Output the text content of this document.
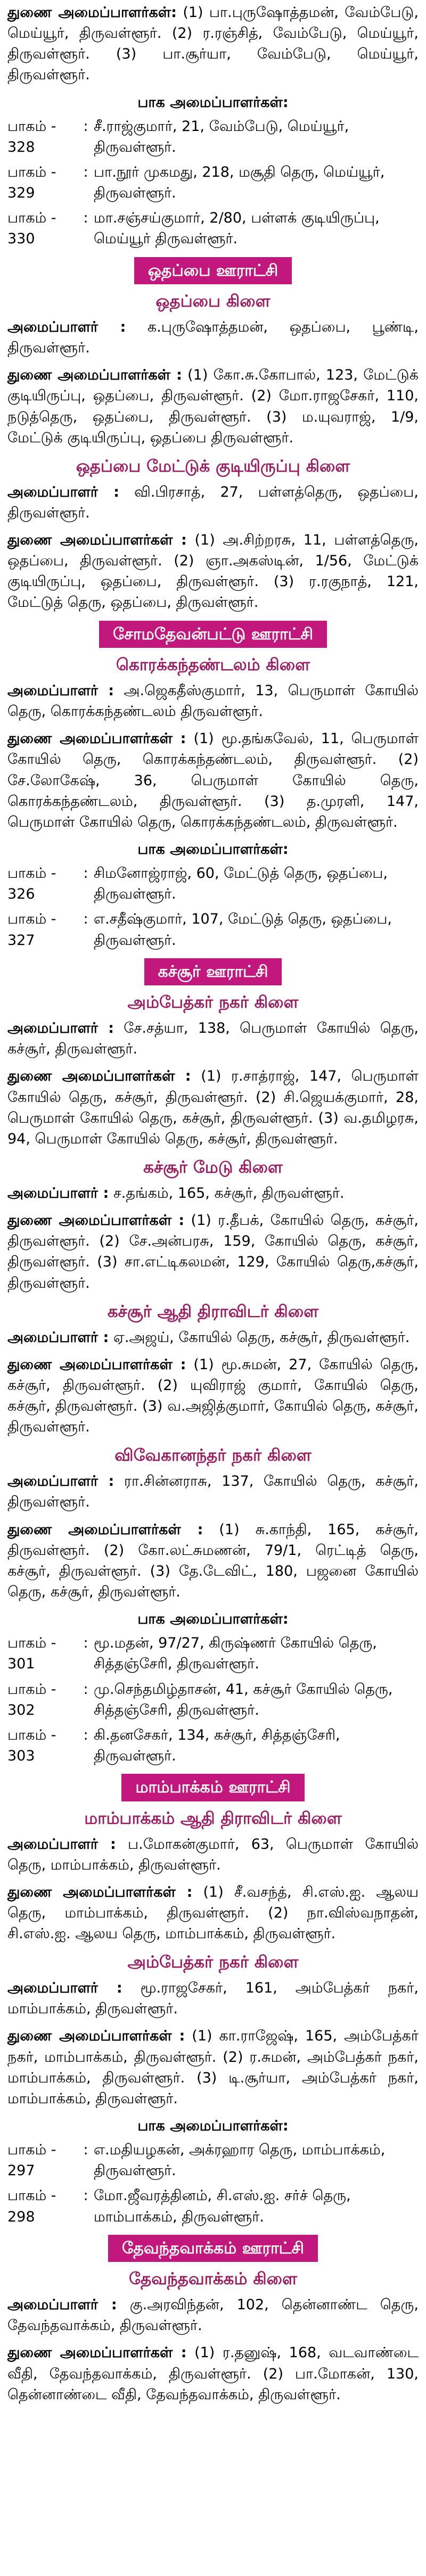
துணை அமைப்பாளர்கள்: (1) பா.புருஷோத்தமன், வேம்பேடு, மெய்யூர், திருவள்ளூர். (2) ர.ரஞ்சித், வேம்பேடு, மெய்யூர், திருவள்ளூர். (3) பா.சூர்யா, வேம்பேடு, மெய்யூர், திருவள்ளூர்.

பாக அமைப்பாளர்கள்:
பாகம் - 328
: சீ.ராஜ்குமார், 21, வேம்பேடு, மெய்யூர், திருவள்ளூர்.
பாகம் - 329
: பா.நூர் முகமது, 218, மசூதி தெரு, மெய்யூர், திருவள்ளூர்.
பாகம் - 330
: மா.சஞ்சய்குமார், 2/80, பள்ளக் குடியிருப்பு, மெய்யூர் திருவள்ளூர்.
ஒதப்பை ஊராட்சி
ஒதப்பை கிளை

அமைப்பாளர் : க.புருஷோத்தமன், ஒதப்பை, பூண்டி, திருவள்ளூர்.

துணை அமைப்பாளர்கள் : (1) கோ.சு.கோபால், 123, மேட்டுக் குடியிருப்பு, ஒதப்பை, திருவள்ளூர். (2) மோ.ராஜசேகர், 110, நடுத்தெரு, ஒதப்பை, திருவள்ளூர். (3) ம.யுவராஜ், 1/9, மேட்டுக் குடியிருப்பு, ஒதப்பை திருவள்ளூர்.

ஒதப்பை மேட்டுக் குடியிருப்பு கிளை

அமைப்பாளர் : வி.பிரசாத், 27, பள்ளத்தெரு, ஒதப்பை, திருவள்ளூர்.

துணை அமைப்பாளர்கள் : (1) அ.சிற்றரசு, 11, பள்ளத்தெரு, ஒதப்பை, திருவள்ளூர். (2) ஞா.அகஸ்டின், 1/56, மேட்டுக் குடியிருப்பு, ஒதப்பை, திருவள்ளூர். (3) ர.ரகுநாத், 121, மேட்டுத் தெரு, ஒதப்பை, திருவள்ளூர்.

சோமதேவன்பட்டு ஊராட்சி
கொரக்கந்தண்டலம் கிளை

அமைப்பாளர் : அ.ஜெகதீஸ்குமார், 13, பெருமாள் கோயில் தெரு, கொரக்கந்தண்டலம் திருவள்ளூர்.

துணை அமைப்பாளர்கள் : (1) மூ.தங்கவேல், 11, பெருமாள் கோயில் தெரு, கொரக்கந்தண்டலம், திருவள்ளூர். (2) சே.லோகேஷ், 36, பெருமாள் கோயில் தெரு, கொரக்கந்தண்டலம், திருவள்ளூர். (3) த.முரளி, 147, பெருமாள் கோயில் தெரு, கொரக்கந்தண்டலம், திருவள்ளூர்.

பாக அமைப்பாளர்கள்:
பாகம் - 326
: சிமனோஜ்ராஜ், 60, மேட்டுத் தெரு, ஒதப்பை, திருவள்ளூர்.
பாகம் - 327
: எ.சதீஷ்குமார், 107, மேட்டுத் தெரு, ஒதப்பை, திருவள்ளூர்.
கச்சூர் ஊராட்சி
அம்பேத்கர் நகர் கிளை

அமைப்பாளர் : சே.சத்யா, 138, பெருமாள் கோயில் தெரு, கச்சூர், திருவள்ளூர்.

துணை அமைப்பாளர்கள் : (1) ர.சாத்ராஜ், 147, பெருமாள் கோயில் தெரு, கச்சூர், திருவள்ளூர். (2) சி.ஜெயக்குமார், 28, பெருமாள் கோயில் தெரு, கச்சூர், திருவள்ளூர். (3) வ.தமிழரசு, 94, பெருமாள் கோயில் தெரு, கச்சூர், திருவள்ளூர்.

கச்சூர் மேடு கிளை

அமைப்பாளர் : ச.தங்கம், 165, கச்சூர், திருவள்ளூர்.

துணை அமைப்பாளர்கள் : (1) ர.தீபக், கோயில் தெரு, கச்சூர், திருவள்ளூர். (2) சே.அன்பரசு, 159, கோயில் தெரு, கச்சூர், திருவள்ளூர். (3) சா.எட்டிகலமன், 129, கோயில் தெரு,கச்சூர், திருவள்ளூர்.

கச்சூர் ஆதி திராவிடர் கிளை

அமைப்பாளர் : ஏ.அஜய், கோயில் தெரு, கச்சூர், திருவள்ளூர்.

துணை அமைப்பாளர்கள் : (1) மூ.சுமன், 27, கோயில் தெரு, கச்சூர், திருவள்ளூர். (2) யுவிராஜ் குமார், கோயில் தெரு, கச்சூர், திருவள்ளூர். (3) வ.அஜித்குமார், கோயில் தெரு, கச்சூர், திருவள்ளூர்.

விவேகானந்தர் நகர் கிளை

அமைப்பாளர் : ரா.சின்னராசு, 137, கோயில் தெரு, கச்சூர், திருவள்ளூர்.

துணை அமைப்பாளர்கள் : (1) சு.காந்தி, 165, கச்சூர், திருவள்ளூர். (2) கோ.லட்சுமணன், 79/1, ரெட்டித் தெரு, கச்சூர், திருவள்ளூர். (3) தே.டேவிட், 180, பஜனை கோயில் தெரு, கச்சூர், திருவள்ளூர்.

பாக அமைப்பாளர்கள்:
பாகம் - 301
: மூ.மதன், 97/27, கிருஷ்ணர் கோயில் தெரு, சித்தஞ்சேரி, திருவள்ளூர்.
பாகம் - 302
: மு.செந்தமிழ்தாசன், 41, கச்சூர் கோயில் தெரு, சித்தஞ்சேரி, திருவள்ளூர்.
பாகம் - 303
: கி.தனசேகர், 134, கச்சூர், சித்தஞ்சேரி, திருவள்ளூர்.
மாம்பாக்கம் ஊராட்சி
மாம்பாக்கம் ஆதி திராவிடர் கிளை

அமைப்பாளர் : ப.மோகன்குமார், 63, பெருமாள் கோயில் தெரு, மாம்பாக்கம், திருவள்ளூர்.

துணை அமைப்பாளர்கள் : (1) சீ.வசந்த், சி.எஸ்.ஐ. ஆலய தெரு, மாம்பாக்கம், திருவள்ளூர். (2) நா.விஸ்வநாதன், சி.எஸ்.ஐ. ஆலய தெரு, மாம்பாக்கம், திருவள்ளூர்.

அம்பேத்கர் நகர் கிளை

அமைப்பாளர் : மூ.ராஜசேகர், 161, அம்பேத்கர் நகர், மாம்பாக்கம், திருவள்ளூர்.

துணை அமைப்பாளர்கள் : (1) கா.ராஜேஷ், 165, அம்பேத்கர் நகர், மாம்பாக்கம், திருவள்ளூர். (2) ர.சுமன், அம்பேத்கர் நகர், மாம்பாக்கம், திருவள்ளூர். (3) டி.சூர்யா, அம்பேத்கர் நகர், மாம்பாக்கம், திருவள்ளூர்.

பாக அமைப்பாளர்கள்:
பாகம் - 297
: எ.மதியழகன், அக்ரஹார தெரு, மாம்பாக்கம், திருவள்ளூர்.
பாகம் - 298
: மோ.ஜீவரத்தினம், சி.எஸ்.ஐ. சர்ச் தெரு, மாம்பாக்கம், திருவள்ளூர்.
தேவந்தவாக்கம் ஊராட்சி
தேவந்தவாக்கம் கிளை

அமைப்பாளர் : கு.அரவிந்தன், 102, தென்னாண்ட தெரு, தேவந்தவாக்கம், திருவள்ளூர்.

துணை அமைப்பாளர்கள் : (1) ர.தனுஷ், 168, வடவாண்டை வீதி, தேவந்தவாக்கம், திருவள்ளூர். (2) பா.மோகன், 130, தென்னாண்டை வீதி, தேவந்தவாக்கம், திருவள்ளூர்.
